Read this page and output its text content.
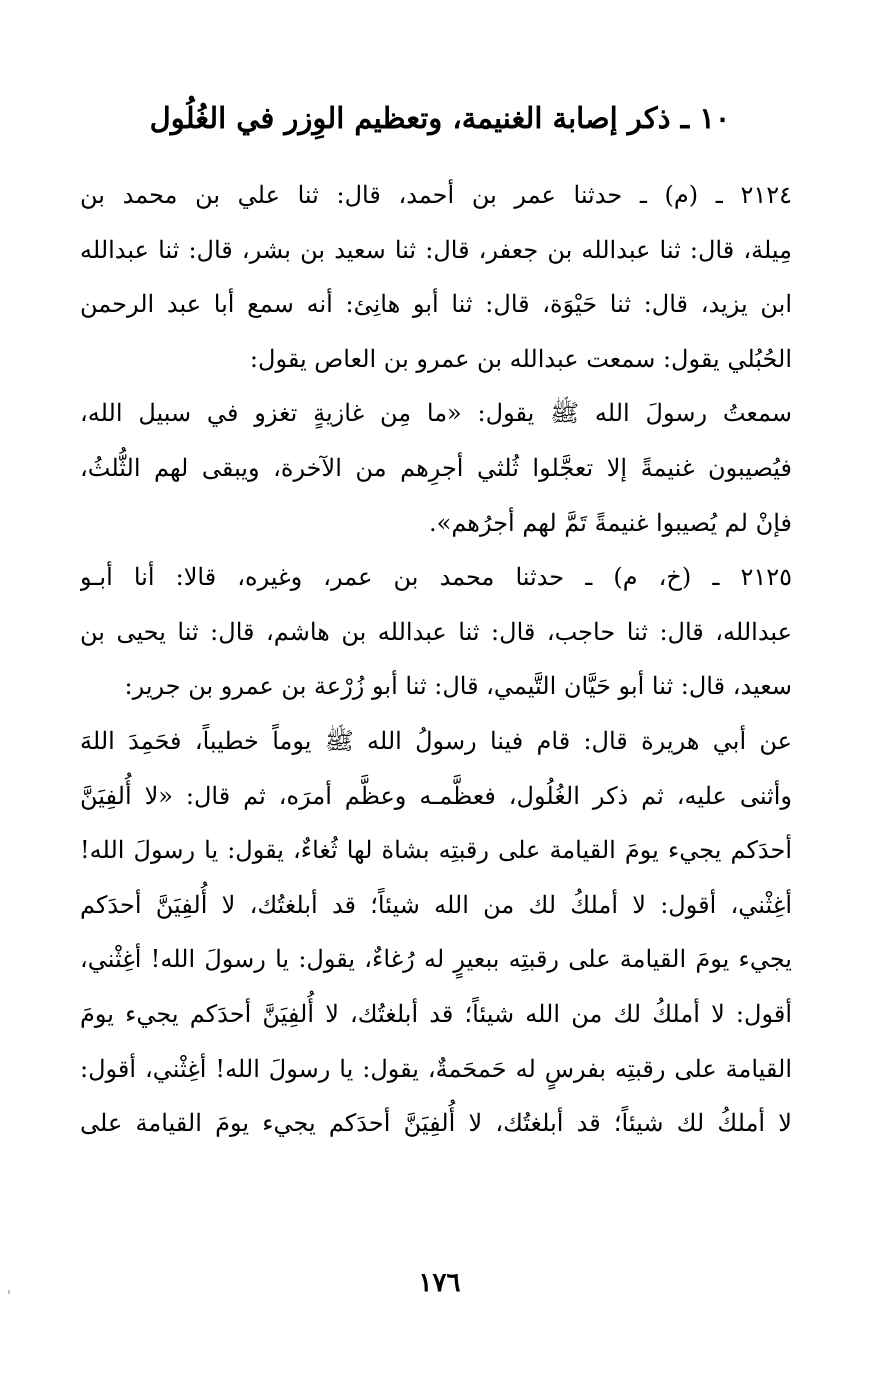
١٠ ـ ذكر إصابة الغنيمة، وتعظيم الوِزر في الغُلُول

٢١٢٤ ـ (م) ـ حدثنا عمر بن أحمد، قال: ثنا علي بن محمد بن
مِيلة، قال: ثنا عبدالله بن جعفر، قال: ثنا سعيد بن بشر، قال: ثنا عبدالله
ابن يزيد، قال: ثنا حَيْوَة، قال: ثنا أبو هانِئ: أنه سمع أبا عبد الرحمن
الحُبُلي يقول: سمعت عبدالله بن عمرو بن العاص يقول:

سمعتُ رسولَ الله ﷺ يقول: «ما مِن غازيةٍ تغزو في سبيل الله،
فيُصيبون غنيمةً إلا تعجَّلوا ثُلثي أجرِهم من الآخرة، ويبقى لهم الثُّلثُ،
فإنْ لم يُصيبوا غنيمةً تَمَّ لهم أجرُهم».

٢١٢٥ ـ (خ، م) ـ حدثنا محمد بن عمر، وغيره، قالا: أنا أبـو
عبدالله، قال: ثنا حاجب، قال: ثنا عبدالله بن هاشم، قال: ثنا يحيى بن
سعيد، قال: ثنا أبو حَيَّان التَّيمي، قال: ثنا أبو زُرْعة بن عمرو بن جرير:

عن أبي هريرة قال: قام فينا رسولُ الله ﷺ يوماً خطيباً، فحَمِدَ اللهَ
وأثنى عليه، ثم ذكر الغُلُول، فعظَّمـه وعظَّم أمرَه، ثم قال: «لا أُلفِيَنَّ
أحدَكم يجيء يومَ القيامة على رقبتِه بشاة لها ثُغاءٌ، يقول: يا رسولَ الله!
أغِثْني، أقول: لا أملكُ لك من الله شيئاً؛ قد أبلغتُك، لا أُلفِيَنَّ أحدَكم
يجيء يومَ القيامة على رقبتِه ببعيرٍ له رُغاءٌ، يقول: يا رسولَ الله! أغِثْني،
أقول: لا أملكُ لك من الله شيئاً؛ قد أبلغتُك، لا أُلفِيَنَّ أحدَكم يجيء يومَ
القيامة على رقبتِه بفرسٍ له حَمحَمةٌ، يقول: يا رسولَ الله! أغِثْني، أقول:
لا أملكُ لك شيئاً؛ قد أبلغتُك، لا أُلفِيَنَّ أحدَكم يجيء يومَ القيامة على

١٧٦
